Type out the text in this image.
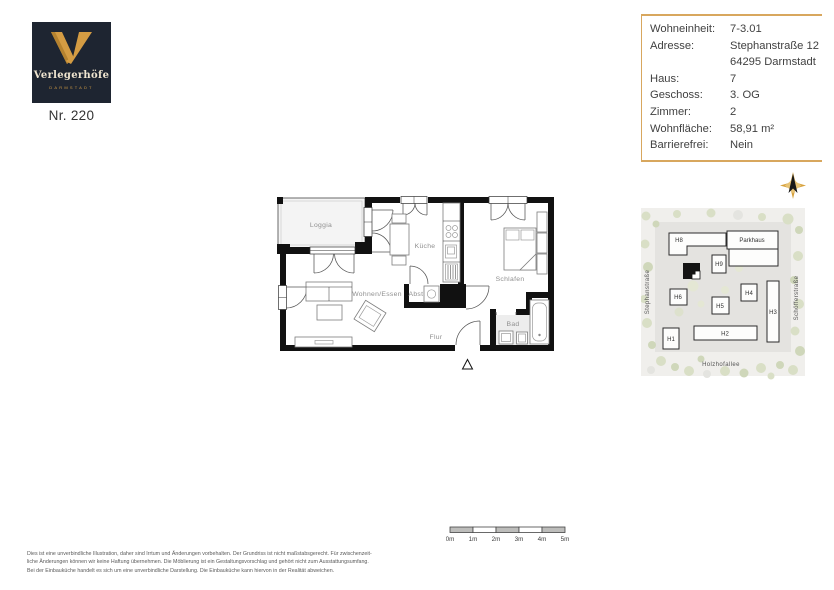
Verlegerhöfe
DARMSTADT
Nr. 220
Wohneinheit:	7-3.01
Adresse:	Stephanstraße 12
64295 Darmstadt
Haus:	7
Geschoss:	3. OG
Zimmer:	2
Wohnfläche:	58,91 m²
Barrierefrei:	Nein
Loggia
Küche
Schlafen
Wohnen/Essen Abst.
Flur
Bad
H8	Parkhaus
H9
H6
H5
H4
H3
H2
H1
Stephanstraße	Schöfferstraße
Holzhofallee
0m 1m 2m 3m 4m 5m
Dies ist eine unverbindliche Illustration, daher sind Irrtum und Änderungen vorbehalten. Der Grundriss ist nicht maßstabsgerecht. Für zwischenzeit-
liche Änderungen können wir keine Haftung übernehmen. Die Möblierung ist ein Gestaltungsvorschlag und gehört nicht zum Ausstattungsumfang.
Bei der Einbauküche handelt es sich um eine unverbindliche Darstellung. Die Einbauküche kann hiervon in der Realität abweichen.
